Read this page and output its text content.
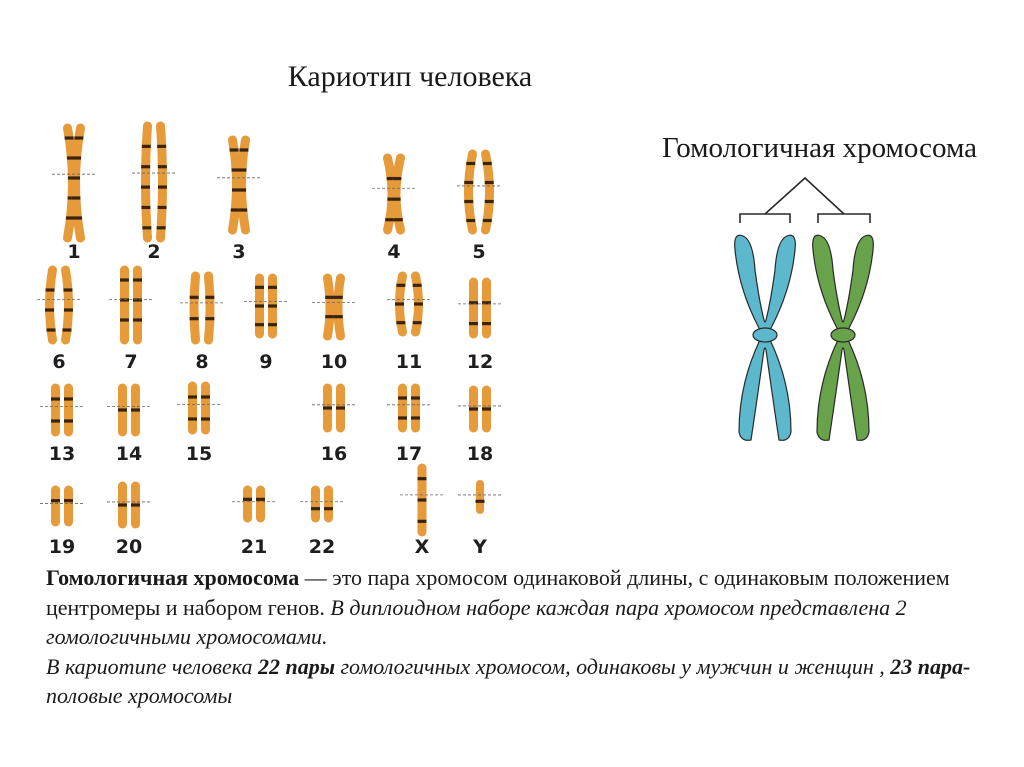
Кариотип человека
Гомологичная хромосома
1	2	3	4	5
6	7	8	9	10	11 12
13 14 15	16	17 18
19 20	21 22	X Y

Гомологичная хромосома — это пара хромосом одинаковой длины, с одинаковым положением центромеры и набором генов. В диплоидном наборе каждая пара хромосом представлена 2 гомологичными хромосомами.

В кариотипе человека 22 пары гомологичных хромосом, одинаковы у мужчин и женщин , 23 пара- половые хромосомы
